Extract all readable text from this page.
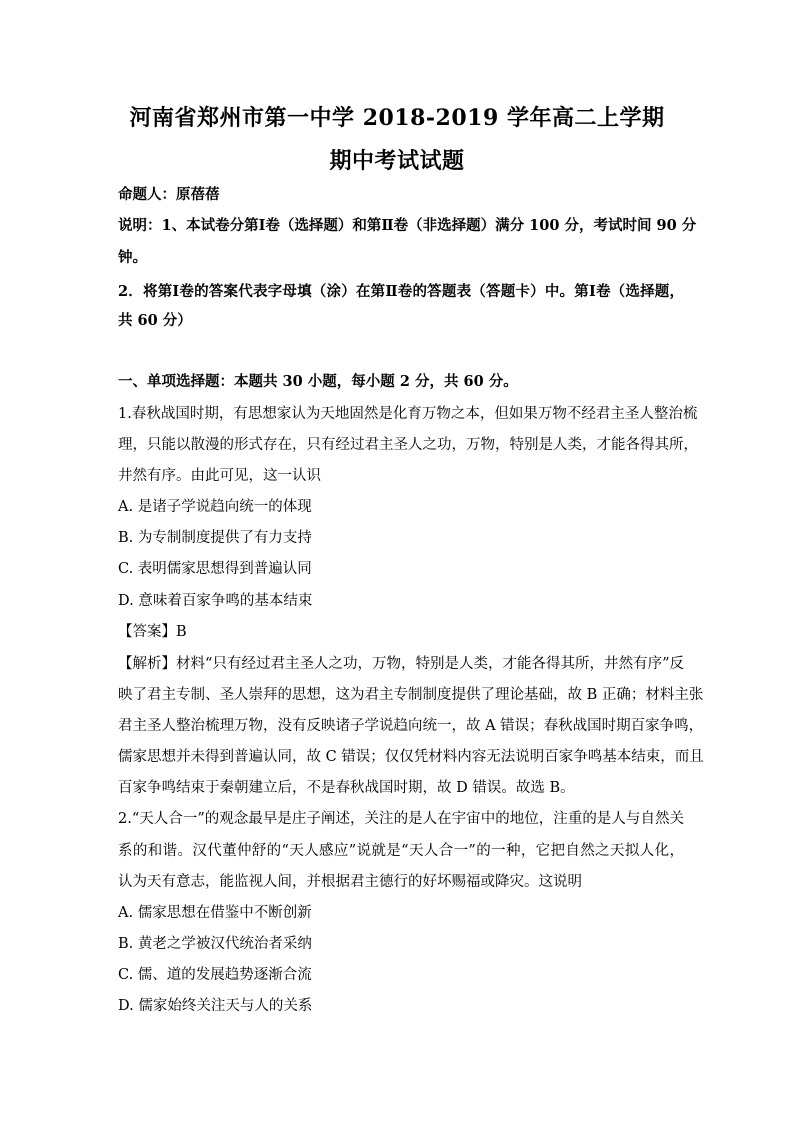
河南省郑州市第一中学 2018-2019 学年高二上学期
期中考试试题
命题人：原蓓蓓
说明：1、本试卷分第Ⅰ卷（选择题）和第Ⅱ卷（非选择题）满分 100 分，考试时间 90 分
钟。
2．将第Ⅰ卷的答案代表字母填（涂）在第Ⅱ卷的答题表（答题卡）中。第Ⅰ卷（选择题，
共 60 分）
一、单项选择题：本题共 30 小题，每小题 2 分，共 60 分。
1.春秋战国时期，有思想家认为天地固然是化育万物之本，但如果万物不经君主圣人整治梳
理，只能以散漫的形式存在，只有经过君主圣人之功，万物，特别是人类，才能各得其所，
井然有序。由此可见，这一认识
A. 是诸子学说趋向统一的体现
B. 为专制制度提供了有力支持
C. 表明儒家思想得到普遍认同
D. 意味着百家争鸣的基本结束
【答案】B
【解析】材料“只有经过君主圣人之功，万物，特别是人类，才能各得其所，井然有序”反
映了君主专制、圣人崇拜的思想，这为君主专制制度提供了理论基础，故 B 正确；材料主张
君主圣人整治梳理万物，没有反映诸子学说趋向统一，故 A 错误；春秋战国时期百家争鸣，
儒家思想并未得到普遍认同，故 C 错误；仅仅凭材料内容无法说明百家争鸣基本结束，而且
百家争鸣结束于秦朝建立后，不是春秋战国时期，故 D 错误。故选 B。
2.“天人合一”的观念最早是庄子阐述，关注的是人在宇宙中的地位，注重的是人与自然关
系的和谐。汉代董仲舒的“天人感应”说就是“天人合一”的一种，它把自然之天拟人化，
认为天有意志，能监视人间，并根据君主德行的好坏赐福或降灾。这说明
A. 儒家思想在借鉴中不断创新
B. 黄老之学被汉代统治者采纳
C. 儒、道的发展趋势逐渐合流
D. 儒家始终关注天与人的关系
